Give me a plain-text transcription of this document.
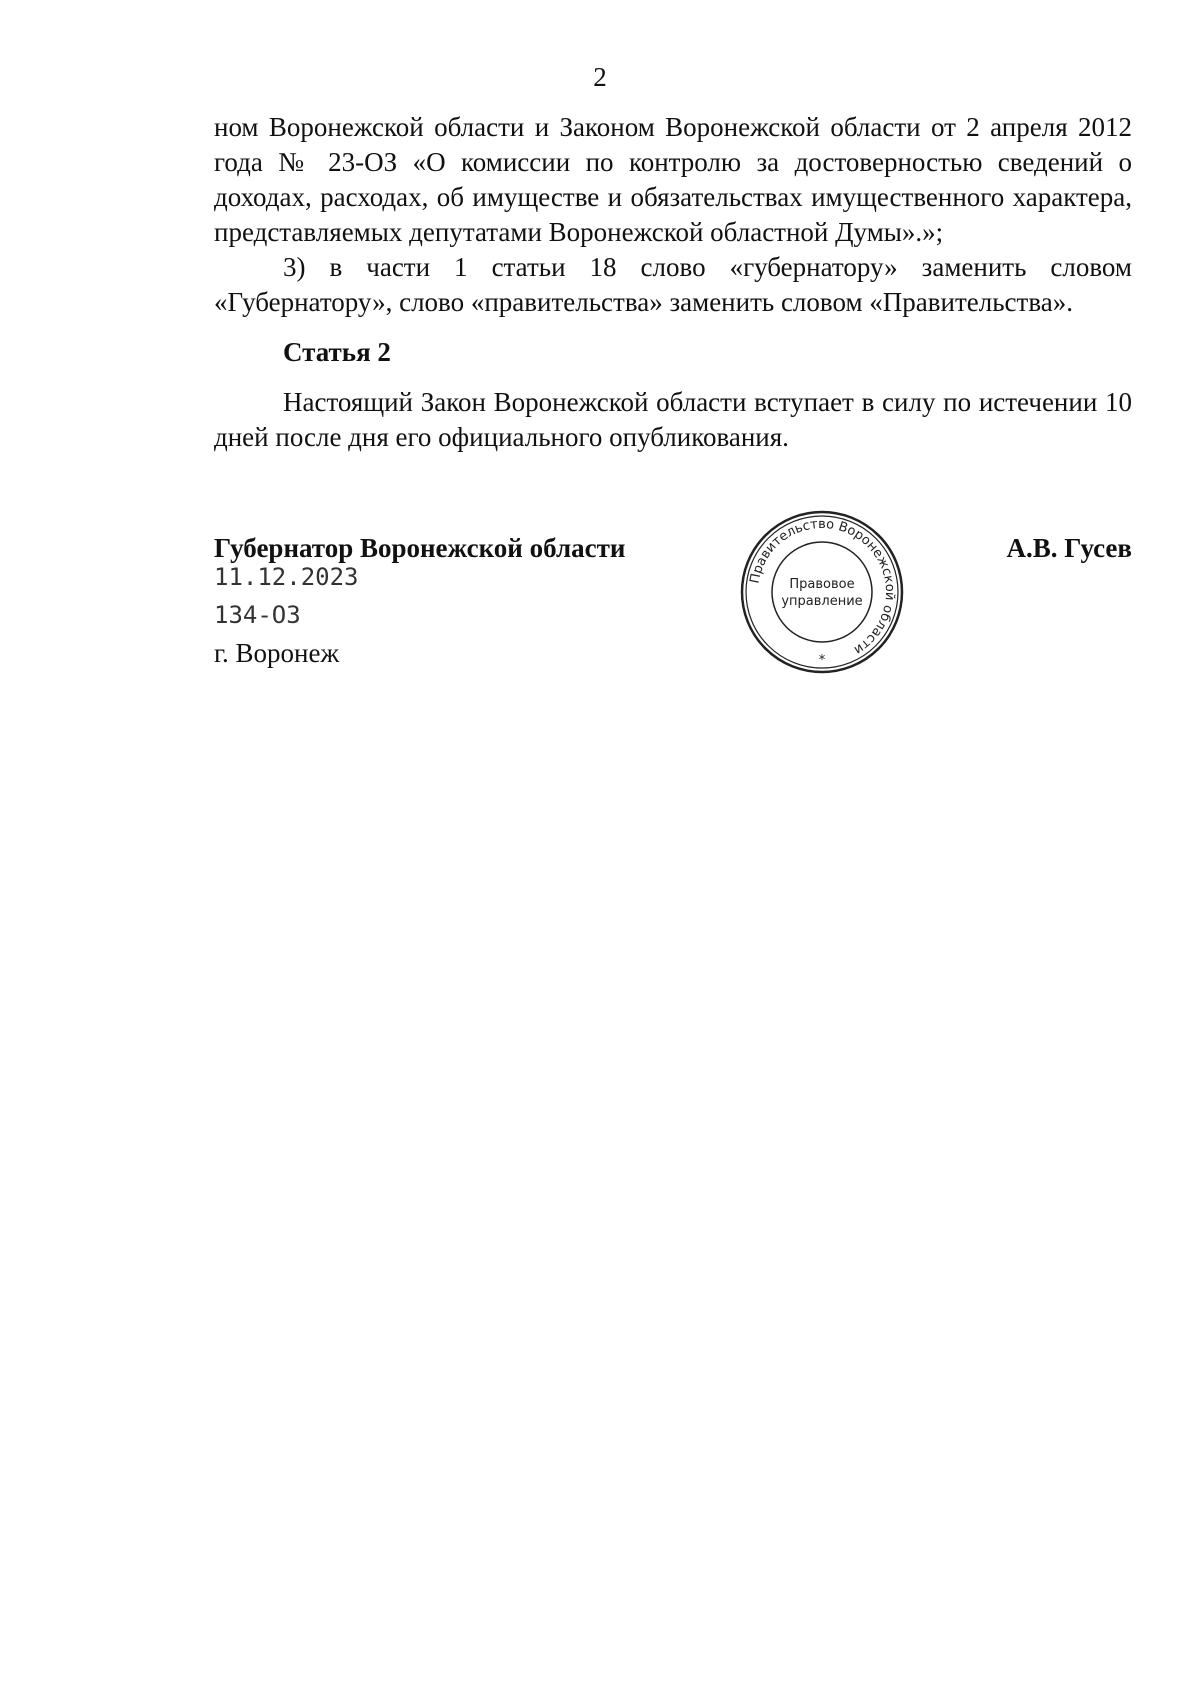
2

ном Воронежской области и Законом Воронежской области от 2 апреля 2012 года № 23-ОЗ «О комиссии по контролю за достоверностью сведений о доходах, расходах, об имуществе и обязательствах имущественного характера, представляемых депутатами Воронежской областной Думы».»;

3) в части 1 статьи 18 слово «губернатору» заменить словом «Губернатору», слово «правительства» заменить словом «Правительства».

Статья 2

Настоящий Закон Воронежской области вступает в силу по истечении 10 дней после дня его официального опубликования.

Губернатор Воронежской области	А.В. Гусев
11.12.2023
134-ОЗ
г. Воронеж
Правительство Воронежской области
Правовое
управление
*
